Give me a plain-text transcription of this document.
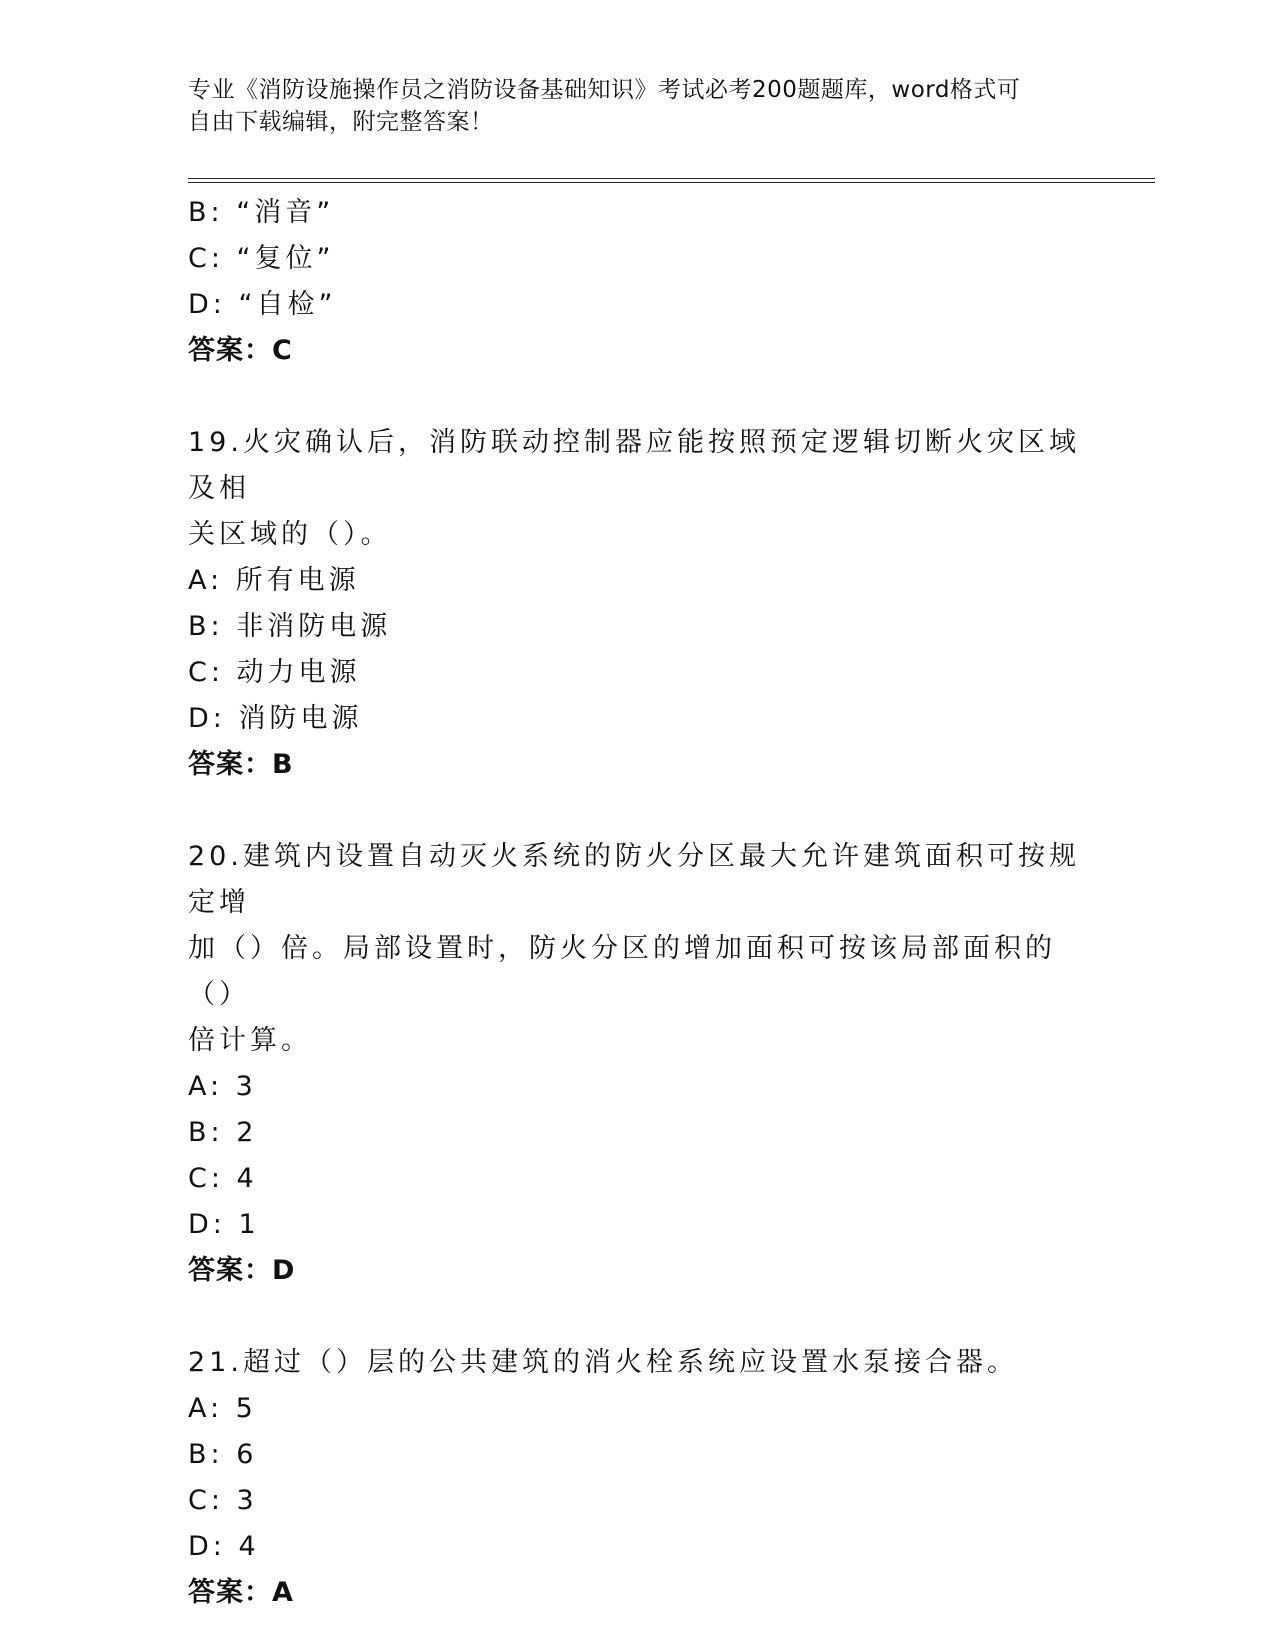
专业《消防设施操作员之消防设备基础知识》考试必考200题题库，word格式可
自由下载编辑，附完整答案！
B: “消音”
C: “复位”
D: “自检”
答案：C
19.火灾确认后，消防联动控制器应能按照预定逻辑切断火灾区域及相
关区域的（）。
A: 所有电源
B: 非消防电源
C: 动力电源
D: 消防电源
答案：B
20.建筑内设置自动灭火系统的防火分区最大允许建筑面积可按规定增
加（）倍。局部设置时，防火分区的增加面积可按该局部面积的（）
倍计算。
A: 3
B: 2
C: 4
D: 1
答案：D
21.超过（）层的公共建筑的消火栓系统应设置水泵接合器。
A: 5
B: 6
C: 3
D: 4
答案：A
